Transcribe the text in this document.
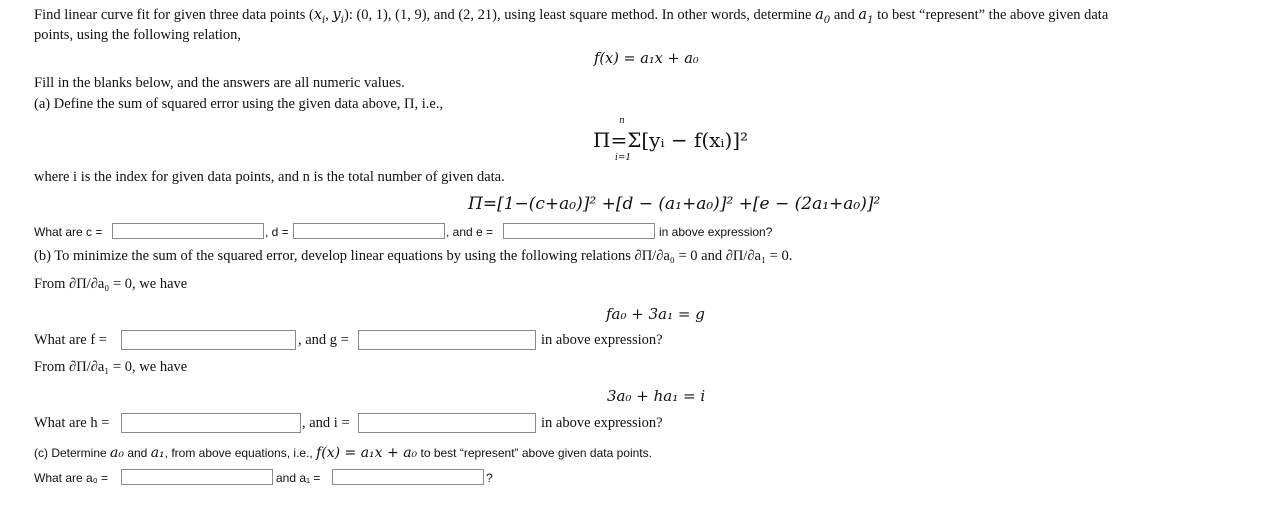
Find linear curve fit for given three data points ($x_i$, $y_i$): (0, 1), (1, 9), and (2, 21), using least square method. In other words, determine $a_0$ and $a_1$ to best “represent” the above given data
points, using the following relation,
f(x) = a₁x + a₀
Fill in the blanks below, and the answers are all numeric values.
(a) Define the sum of squared error using the given data above, Π, i.e.,
Π=Σ[yᵢ − f(xᵢ)]²
n
i=1
where i is the index for given data points, and n is the total number of given data.
Π=[1−(c+a₀)]² +[d − (a₁+a₀)]² +[e − (2a₁+a₀)]²
What are c =	, d =	, and e =	in above expression?
(b) To minimize the sum of the squared error, develop linear equations by using the following relations ∂Π/∂a₀ = 0 and ∂Π/∂a₁ = 0.
From ∂Π/∂a₀ = 0, we have
fa₀ + 3a₁ = g
What are f =	, and g =	in above expression?
From ∂Π/∂a₁ = 0, we have
3a₀ + ha₁ = i
What are h =	, and i =	in above expression?
(c) Determine a₀ and a₁, from above equations, i.e., f(x) = a₁x + a₀ to best “represent” above given data points.
What are a₀ =	and a₁ =	?
